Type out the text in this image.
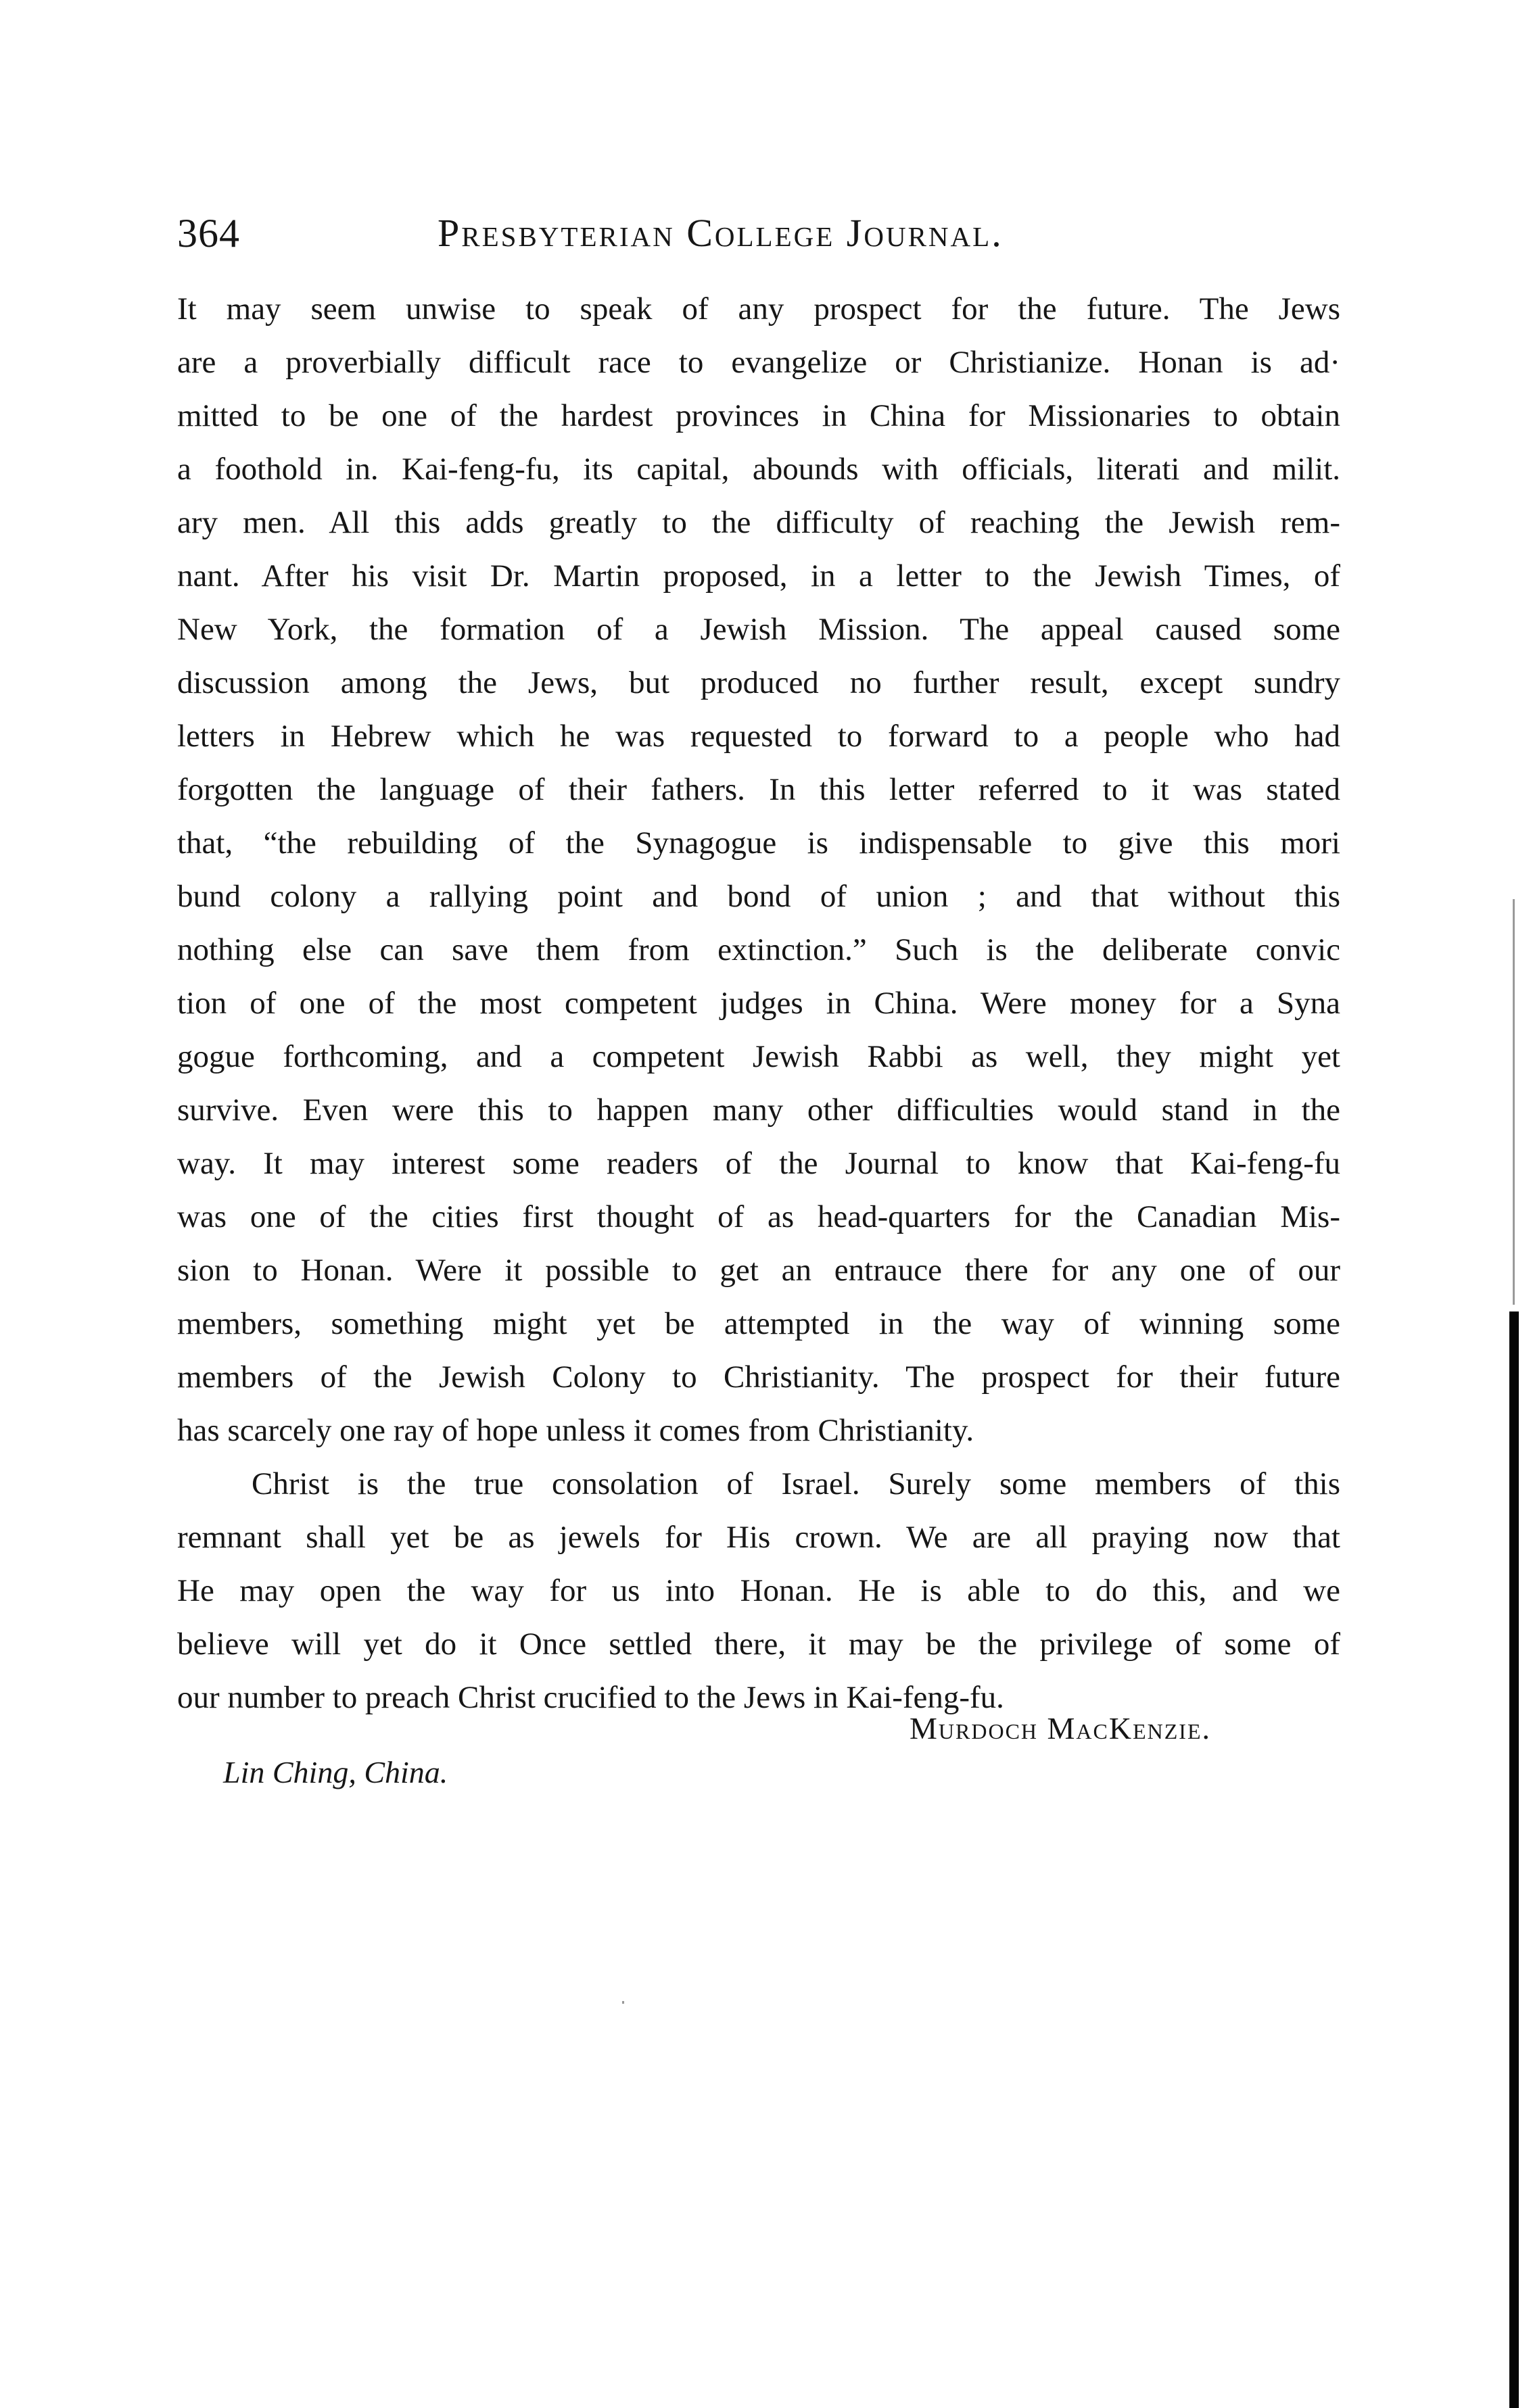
364	Presbyterian College Journal.
It may seem unwise to speak of any prospect for the future. The Jews
are a proverbially difficult race to evangelize or Christianize. Honan is ad·
mitted to be one of the hardest provinces in China for Missionaries to obtain
a foothold in. Kai-feng-fu, its capital, abounds with officials, literati and milit.
ary men. All this adds greatly to the difficulty of reaching the Jewish rem-
nant. After his visit Dr. Martin proposed, in a letter to the Jewish Times, of
New York, the formation of a Jewish Mission. The appeal caused some
discussion among the Jews, but produced no further result, except sundry
letters in Hebrew which he was requested to forward to a people who had
forgotten the language of their fathers. In this letter referred to it was stated
that, “the rebuilding of the Synagogue is indispensable to give this mori
bund colony a rallying point and bond of union ; and that without this
nothing else can save them from extinction.” Such is the deliberate convic
tion of one of the most competent judges in China. Were money for a Syna
gogue forthcoming, and a competent Jewish Rabbi as well, they might yet
survive. Even were this to happen many other difficulties would stand in the
way. It may interest some readers of the Journal to know that Kai-feng-fu
was one of the cities first thought of as head-quarters for the Canadian Mis-
sion to Honan. Were it possible to get an entrauce there for any one of our
members, something might yet be attempted in the way of winning some
members of the Jewish Colony to Christianity. The prospect for their future
has scarcely one ray of hope unless it comes from Christianity.
Christ is the true consolation of Israel. Surely some members of this
remnant shall yet be as jewels for His crown. We are all praying now that
He may open the way for us into Honan. He is able to do this, and we
believe will yet do it Once settled there, it may be the privilege of some of
our number to preach Christ crucified to the Jews in Kai-feng-fu.
Murdoch MacKenzie.
Lin Ching, China.
